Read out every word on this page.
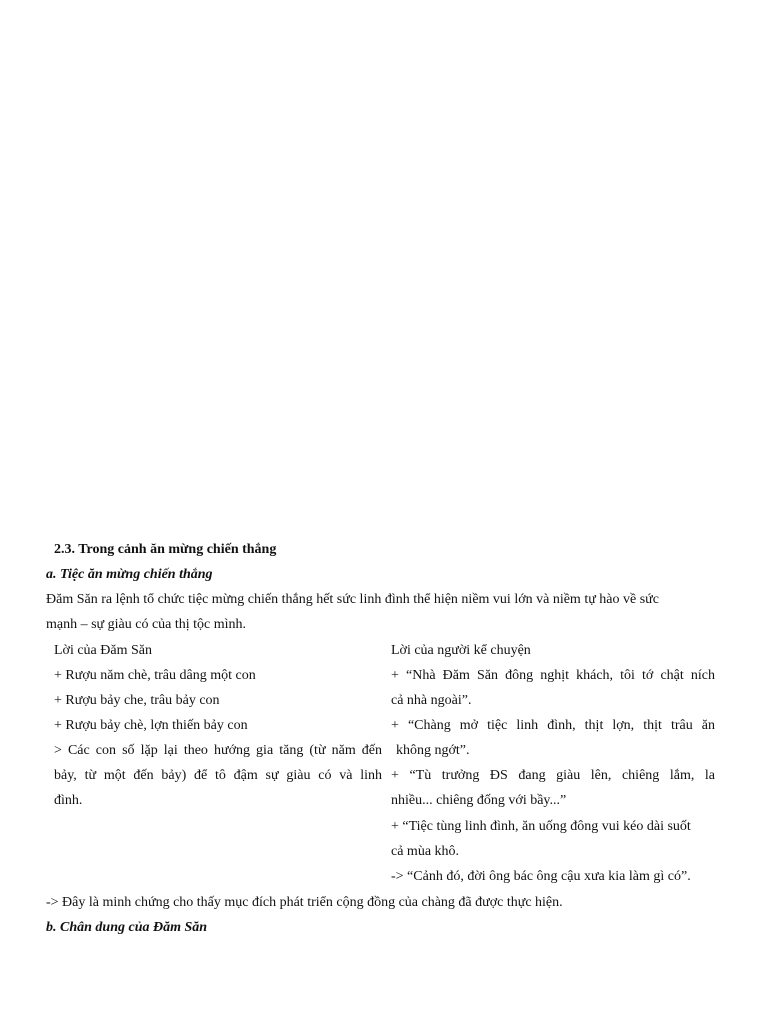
2.3. Trong cảnh ăn mừng chiến thắng
a. Tiệc ăn mừng chiến thắng
Đăm Săn ra lệnh tổ chức tiệc mừng chiến thắng hết sức linh đình thể hiện niềm vui lớn và niềm tự hào về sức
mạnh – sự giàu có của thị tộc mình.
Lời của Đăm Săn
+ Rượu năm chè, trâu dâng một con
+ Rượu bảy che, trâu bảy con
+ Rượu bảy chè, lợn thiến bảy con
> Các con số lặp lại theo hướng gia tăng (từ năm đến
bảy, từ một đến bảy) để tô đậm sự giàu có và linh
đình.
Lời của người kể chuyện
+ “Nhà Đăm Săn đông nghịt khách, tôi tớ chật ních
cả nhà ngoài”.
+ “Chàng mở tiệc linh đình, thịt lợn, thịt trâu ăn
không ngớt”.
+ “Tù trưởng ĐS đang giàu lên, chiêng lắm, la
nhiều... chiêng đống với bầy...”
+ “Tiệc tùng linh đình, ăn uống đông vui kéo dài suốt
cả mùa khô.
-> “Cảnh đó, đời ông bác ông cậu xưa kia làm gì có”.
-> Đây là minh chứng cho thấy mục đích phát triển cộng đồng của chàng đã được thực hiện.
b. Chân dung của Đăm Săn
